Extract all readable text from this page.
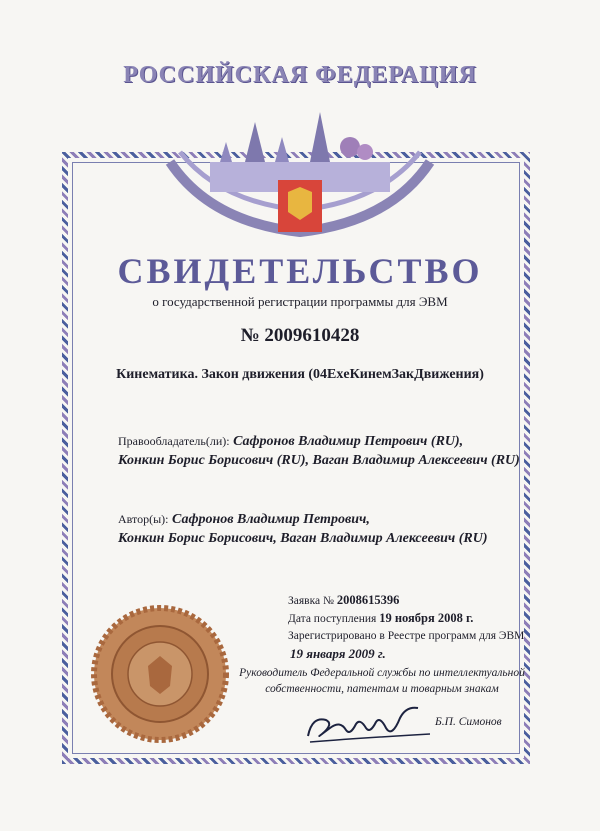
РОССИЙСКАЯ ФЕДЕРАЦИЯ
СВИДЕТЕЛЬСТВО
о государственной регистрации программы для ЭВМ
№ 2009610428
Кинематика. Закон движения (04ExeКинемЗакДвижения)
Правообладатель(ли): Сафронов Владимир Петрович (RU),
Конкин Борис Борисович (RU), Ваган Владимир Алексеевич (RU)
Автор(ы): Сафронов Владимир Петрович,
Конкин Борис Борисович, Ваган Владимир Алексеевич (RU)
Заявка № 2008615396
Дата поступления 19 ноября 2008 г.
Зарегистрировано в Реестре программ для ЭВМ
19 января 2009 г.
Руководитель Федеральной службы по интеллектуальной
собственности, патентам и товарным знакам
Б.П. Симонов
